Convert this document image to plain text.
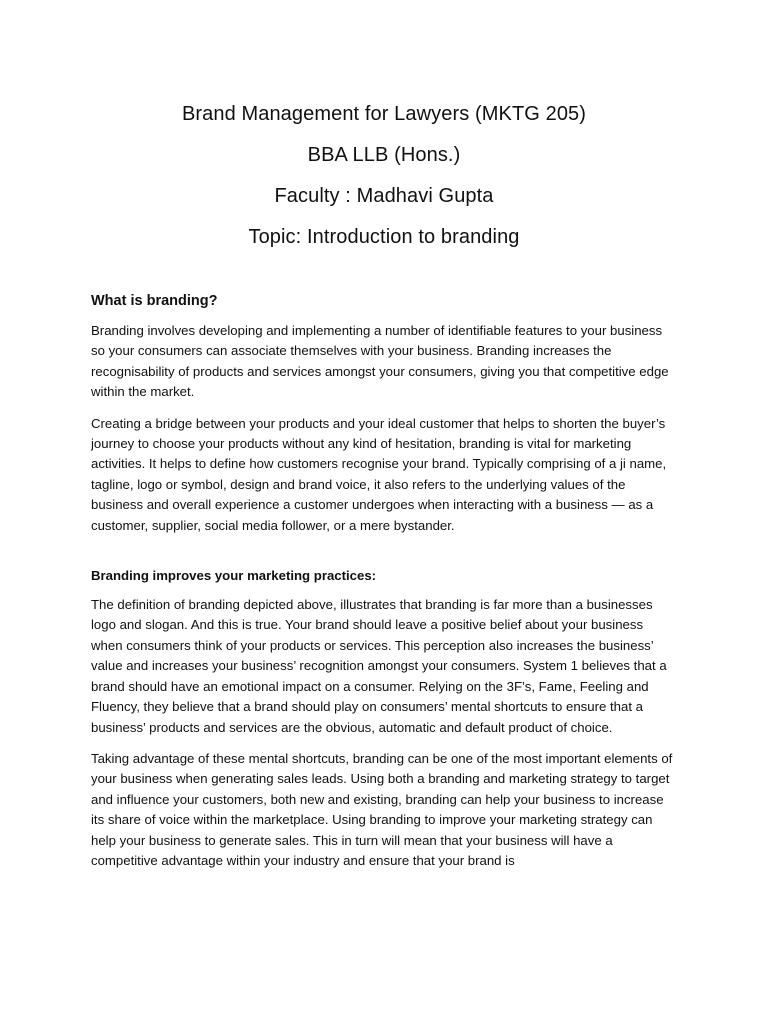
Brand Management for Lawyers (MKTG 205)

BBA LLB (Hons.)

Faculty : Madhavi Gupta

Topic: Introduction to branding

What is branding?

Branding involves developing and implementing a number of identifiable features to your business so your consumers can associate themselves with your business. Branding increases the recognisability of products and services amongst your consumers, giving you that competitive edge within the market.

Creating a bridge between your products and your ideal customer that helps to shorten the buyer’s journey to choose your products without any kind of hesitation, branding is vital for marketing activities. It helps to define how customers recognise your brand. Typically comprising of a ji name, tagline, logo or symbol, design and brand voice, it also refers to the underlying values of the business and overall experience a customer undergoes when interacting with a business — as a customer, supplier, social media follower, or a mere bystander.

Branding improves your marketing practices:

The definition of branding depicted above, illustrates that branding is far more than a businesses logo and slogan. And this is true. Your brand should leave a positive belief about your business when consumers think of your products or services. This perception also increases the business’ value and increases your business’ recognition amongst your consumers. System 1 believes that a brand should have an emotional impact on a consumer. Relying on the 3F’s, Fame, Feeling and Fluency, they believe that a brand should play on consumers’ mental shortcuts to ensure that a business’ products and services are the obvious, automatic and default product of choice.

Taking advantage of these mental shortcuts, branding can be one of the most important elements of your business when generating sales leads. Using both a branding and marketing strategy to target and influence your customers, both new and existing, branding can help your business to increase its share of voice within the marketplace. Using branding to improve your marketing strategy can help your business to generate sales. This in turn will mean that your business will have a competitive advantage within your industry and ensure that your brand is
